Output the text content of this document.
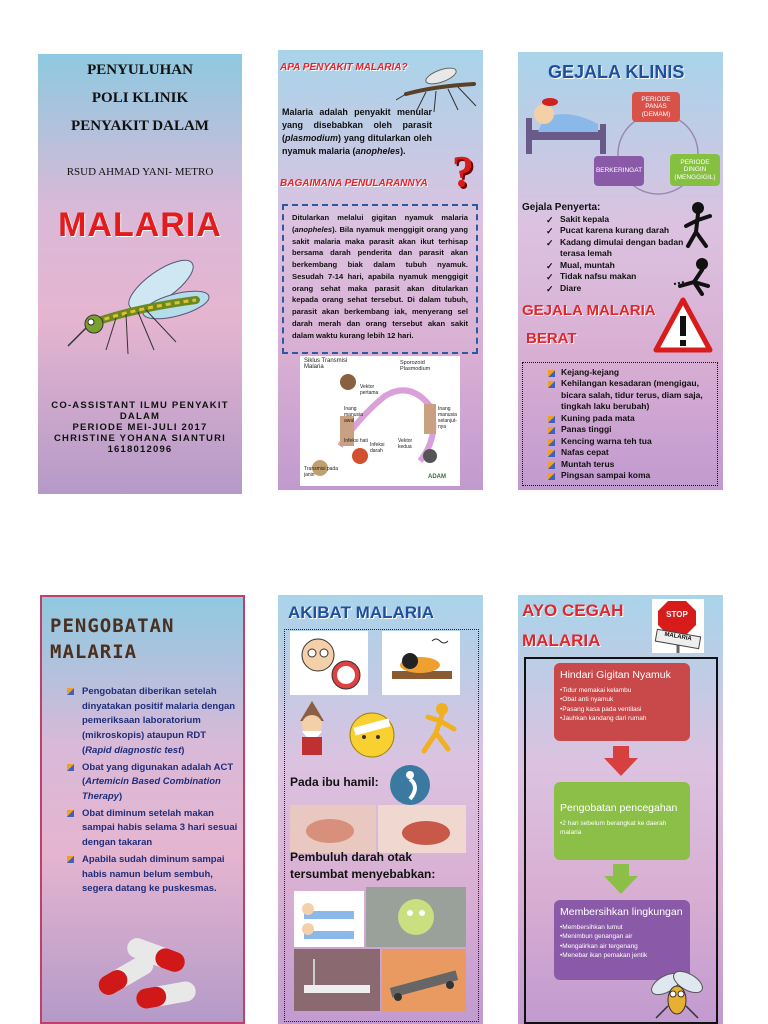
PENYULUHAN
POLI KLINIK
PENYAKIT DALAM
RSUD AHMAD YANI- METRO
MALARIA
CO-ASSISTANT ILMU PENYAKIT
DALAM
PERIODE MEI-JULI 2017
CHRISTINE YOHANA SIANTURI
1618012096
APA PENYAKIT MALARIA?
Malaria adalah penyakit menular yang disebabkan oleh parasit (plasmodium) yang ditularkan oleh nyamuk malaria (anopheles).	?
BAGAIMANA PENULARANNYA
Ditularkan melalui gigitan nyamuk malaria (anopheles). Bila nyamuk menggigit orang yang sakit malaria maka parasit akan ikut terhisap bersama darah penderita dan parasit akan berkembang biak dalam tubuh nyamuk. Sesudah 7-14 hari, apabila nyamuk menggigit orang sehat maka parasit akan ditularkan kepada orang sehat tersebut. Di dalam tubuh, parasit akan berkembang iak, menyerang sel darah merah dan orang tersebut akan sakit dalam waktu kurang lebih 12 hari.
Siklus Transmisi Malaria
Sporozoid Plasmodium
Vektor pertama
Inang manusia awal
Inang manusia selanjut-nya
Infeksi hati
Infeksi darah
Vektor kedua
Transmisi pada janin	ADAM
GEJALA KLINIS
PERIODE PANAS (DEMAM)
PERIODE DINGIN (MENGGIGIL)
BERKERINGAT
Gejala Penyerta:
✓ Sakit kepala
✓ Pucat karena kurang darah
✓ Kadang dimulai dengan badan terasa lemah
✓ Mual, muntah
✓ Tidak nafsu makan
✓ Diare
GEJALA MALARIA
BERAT
Kejang-kejang
Kehilangan kesadaran (mengigau, bicara salah, tidur terus, diam saja, tingkah laku berubah)
Kuning pada mata
Panas tinggi
Kencing warna teh tua
Nafas cepat
Muntah terus
Pingsan sampai koma
PENGOBATAN
MALARIA
Pengobatan diberikan setelah dinyatakan positif malaria dengan pemeriksaan laboratorium (mikroskopis) ataupun RDT (Rapid diagnostic test)
Obat yang digunakan adalah ACT (Artemicin Based Combination Therapy)
Obat diminum setelah makan sampai habis selama 3 hari sesuai dengan takaran
Apabila sudah diminum sampai habis namun belum sembuh, segera datang ke puskesmas.
AKIBAT MALARIA
Pada ibu hamil:
Pembuluh darah otak tersumbat menyebabkan:
AYO CEGAH
MALARIA
STOP
MALARIA
Hindari Gigitan Nyamuk
•Tidur memakai kelambu
•Obat anti nyamuk
•Pasang kasa pada ventilasi
•Jauhkan kandang dari rumah
Pengobatan pencegahan
•2 hari sebelum berangkat ke daerah malaria
Membersihkan lingkungan
•Membersihkan lumut
•Menimbun genangan air
•Mengalirkan air tergenang
•Menebar ikan pemakan jentik
